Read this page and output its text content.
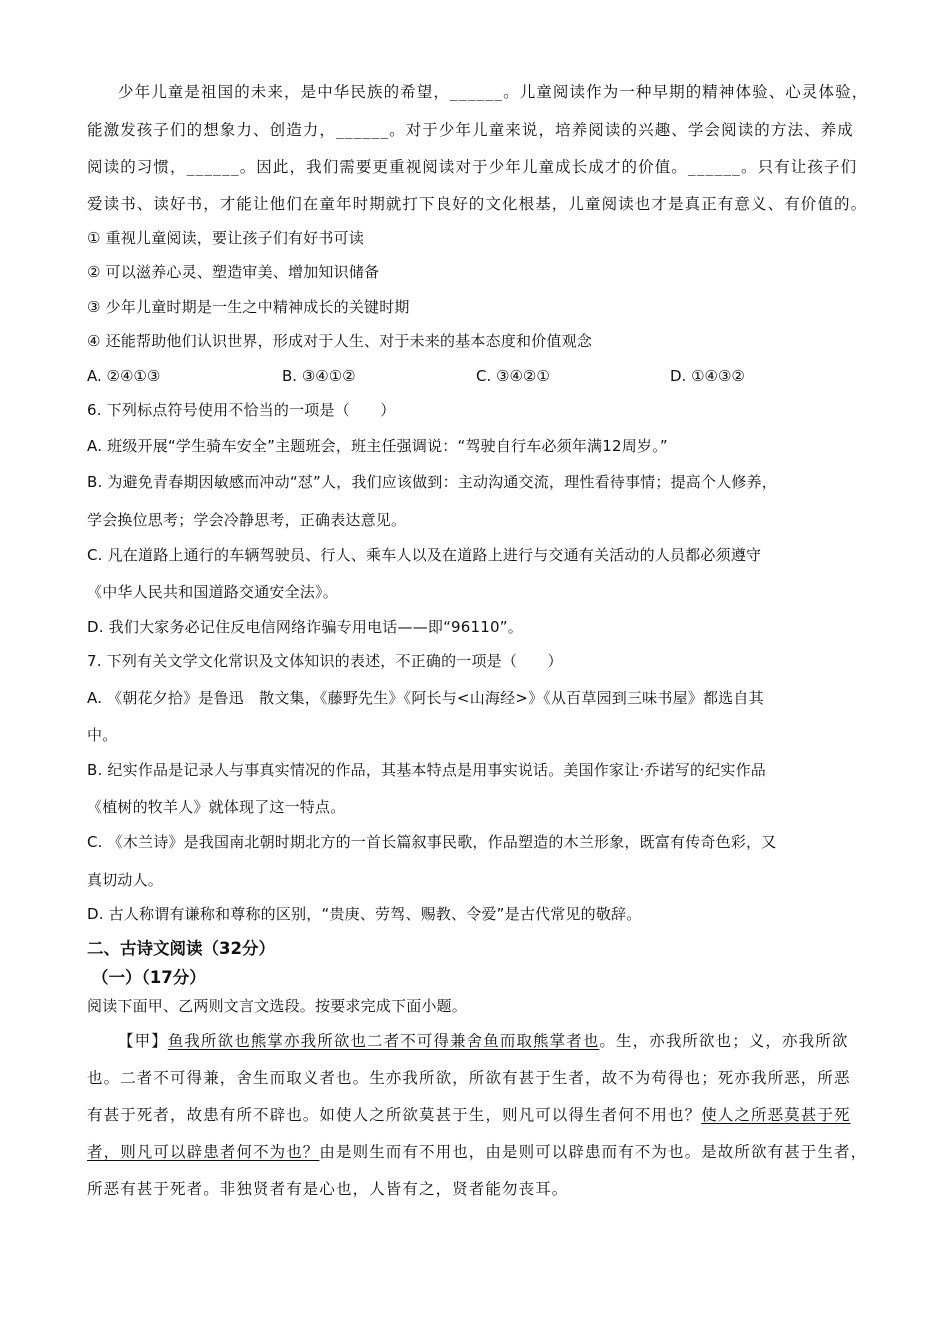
少年儿童是祖国的未来，是中华民族的希望，______。儿童阅读作为一种早期的精神体验、心灵体验，
能激发孩子们的想象力、创造力，______。对于少年儿童来说，培养阅读的兴趣、学会阅读的方法、养成
阅读的习惯，______。因此，我们需要更重视阅读对于少年儿童成长成才的价值。______。只有让孩子们
爱读书、读好书，才能让他们在童年时期就打下良好的文化根基，儿童阅读也才是真正有意义、有价值的。
① 重视儿童阅读，要让孩子们有好书可读
② 可以滋养心灵、塑造审美、增加知识储备
③ 少年儿童时期是一生之中精神成长的关键时期
④ 还能帮助他们认识世界，形成对于人生、对于未来的基本态度和价值观念
A. ②④①③	B. ③④①②	C. ③④②①	D. ①④③②
6. 下列标点符号使用不恰当的一项是（　　）
A. 班级开展“学生骑车安全”主题班会，班主任强调说：“驾驶自行车必须年满12周岁。”
B. 为避免青春期因敏感而冲动“怼”人，我们应该做到：主动沟通交流，理性看待事情；提高个人修养，
学会换位思考；学会冷静思考，正确表达意见。
C. 凡在道路上通行的车辆驾驶员、行人、乘车人以及在道路上进行与交通有关活动的人员都必须遵守
《中华人民共和国道路交通安全法》。
D. 我们大家务必记住反电信网络诈骗专用电话——即“96110”。
7. 下列有关文学文化常识及文体知识的表述，不正确的一项是（　　）
A. 《朝花夕拾》是鲁迅　散文集，《藤野先生》《阿长与<山海经>》《从百草园到三味书屋》都选自其
中。
B. 纪实作品是记录人与事真实情况的作品，其基本特点是用事实说话。美国作家让·乔诺写的纪实作品
《植树的牧羊人》就体现了这一特点。
C. 《木兰诗》是我国南北朝时期北方的一首长篇叙事民歌，作品塑造的木兰形象，既富有传奇色彩，又
真切动人。
D. 古人称谓有谦称和尊称的区别，“贵庚、劳驾、赐教、令爱”是古代常见的敬辞。
二、古诗文阅读（32分）
（一）（17分）
阅读下面甲、乙两则文言文选段。按要求完成下面小题。
【甲】鱼我所欲也熊掌亦我所欲也二者不可得兼舍鱼而取熊掌者也。生，亦我所欲也；义，亦我所欲
也。二者不可得兼，舍生而取义者也。生亦我所欲，所欲有甚于生者，故不为苟得也；死亦我所恶，所恶
有甚于死者，故患有所不辟也。如使人之所欲莫甚于生，则凡可以得生者何不用也？使人之所恶莫甚于死
者，则凡可以辟患者何不为也？由是则生而有不用也，由是则可以辟患而有不为也。是故所欲有甚于生者，
所恶有甚于死者。非独贤者有是心也，人皆有之，贤者能勿丧耳。
